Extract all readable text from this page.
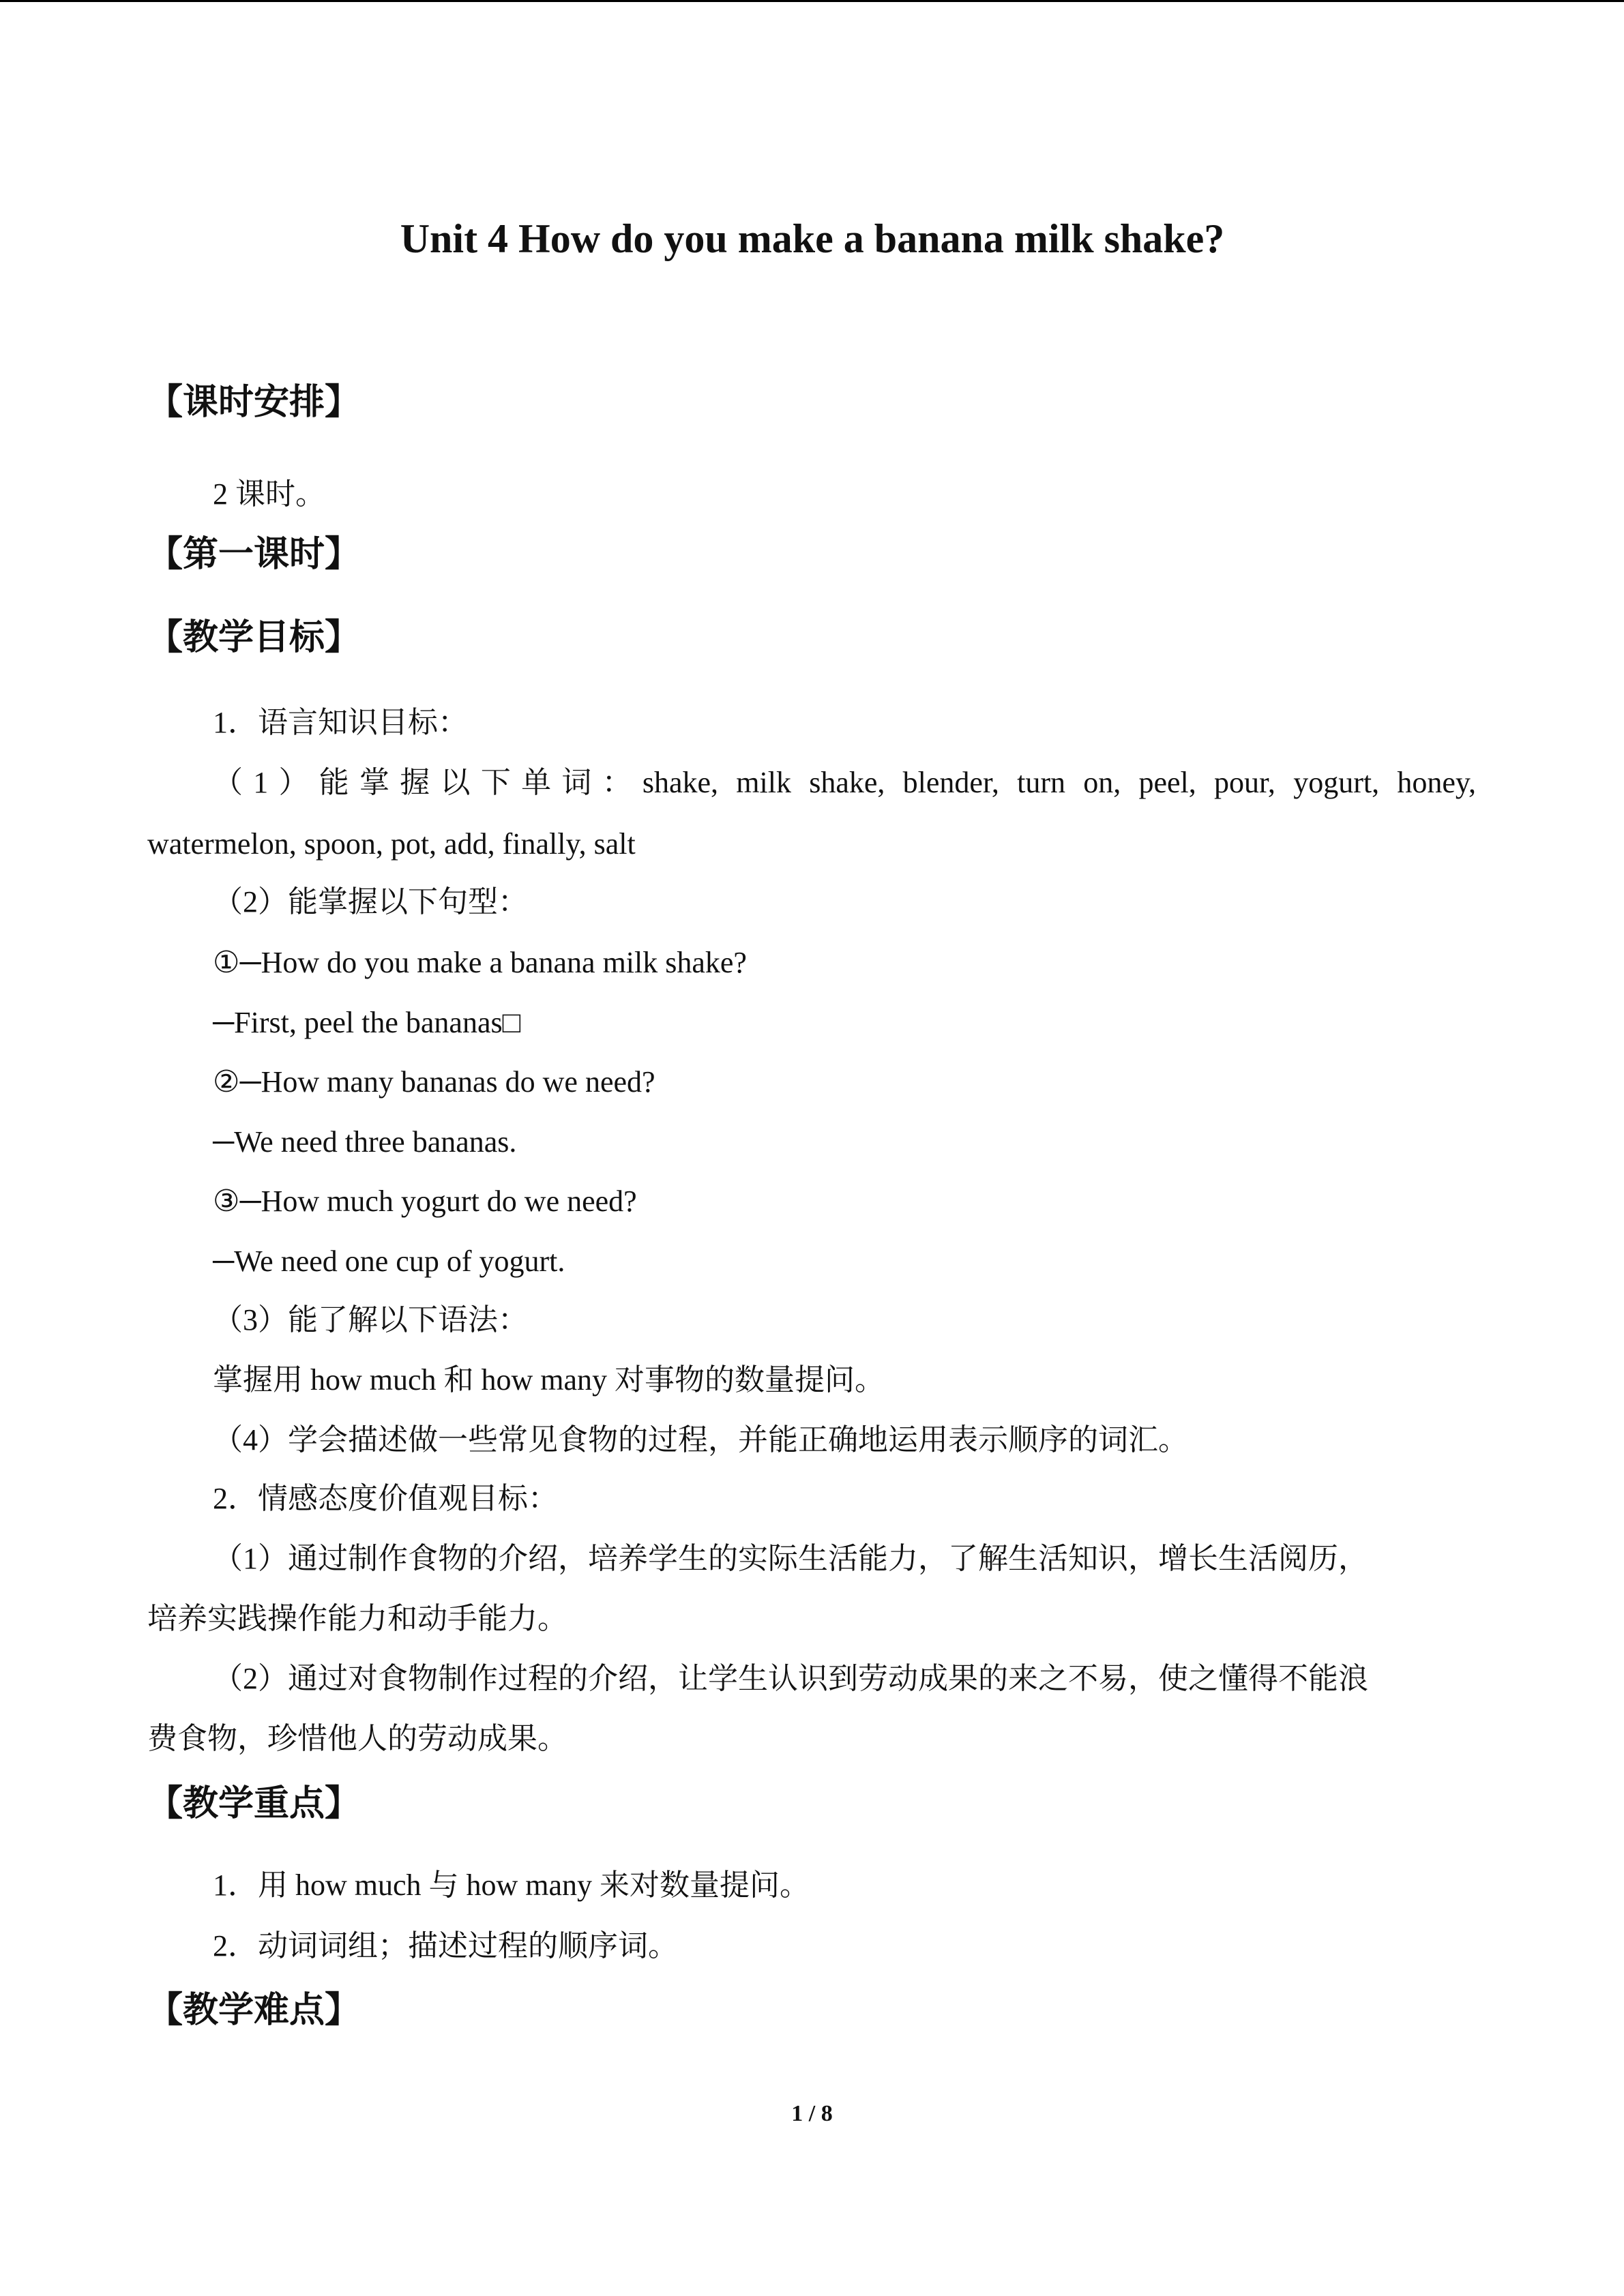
Unit 4 How do you make a banana milk shake?
【课时安排】
2 课时。
【第一课时】
【教学目标】
1．语言知识目标：
（1）能掌握以下单词：shake, milk shake, blender, turn on, peel, pour, yogurt, honey,
watermelon, spoon, pot, add, finally, salt
（2）能掌握以下句型：
①─How do you make a banana milk shake?
─First, peel the bananas□
②─How many bananas do we need?
─We need three bananas.
③─How much yogurt do we need?
─We need one cup of yogurt.
（3）能了解以下语法：
掌握用 how much 和 how many 对事物的数量提问。
（4）学会描述做一些常见食物的过程，并能正确地运用表示顺序的词汇。
2．情感态度价值观目标：
（1）通过制作食物的介绍，培养学生的实际生活能力，了解生活知识，增长生活阅历，
培养实践操作能力和动手能力。
（2）通过对食物制作过程的介绍，让学生认识到劳动成果的来之不易，使之懂得不能浪
费食物，珍惜他人的劳动成果。
【教学重点】
1．用 how much 与 how many 来对数量提问。
2．动词词组；描述过程的顺序词。
【教学难点】
1 / 8
